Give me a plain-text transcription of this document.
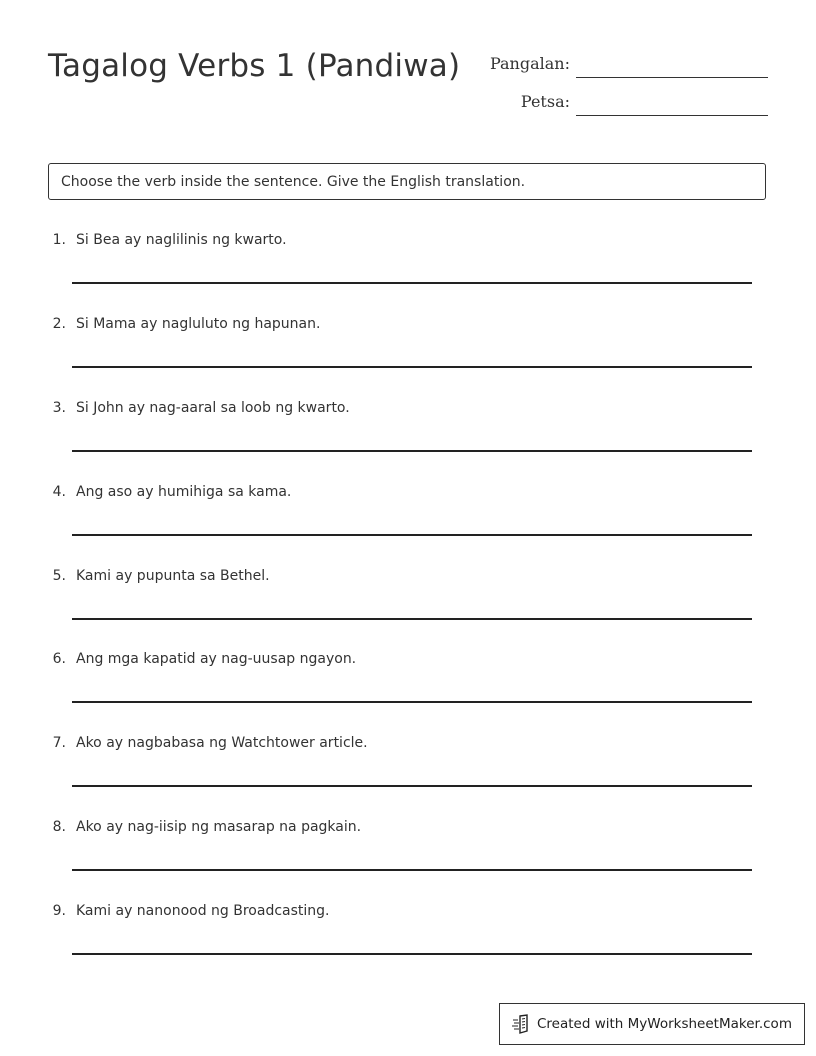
Tagalog Verbs 1 (Pandiwa)	Pangalan:
Petsa:
Choose the verb inside the sentence. Give the English translation.
1. Si Bea ay naglilinis ng kwarto.
2. Si Mama ay nagluluto ng hapunan.
3. Si John ay nag-aaral sa loob ng kwarto.
4. Ang aso ay humihiga sa kama.
5. Kami ay pupunta sa Bethel.
6. Ang mga kapatid ay nag-uusap ngayon.
7. Ako ay nagbabasa ng Watchtower article.
8. Ako ay nag-iisip ng masarap na pagkain.
9. Kami ay nanonood ng Broadcasting.
Created with MyWorksheetMaker.com
